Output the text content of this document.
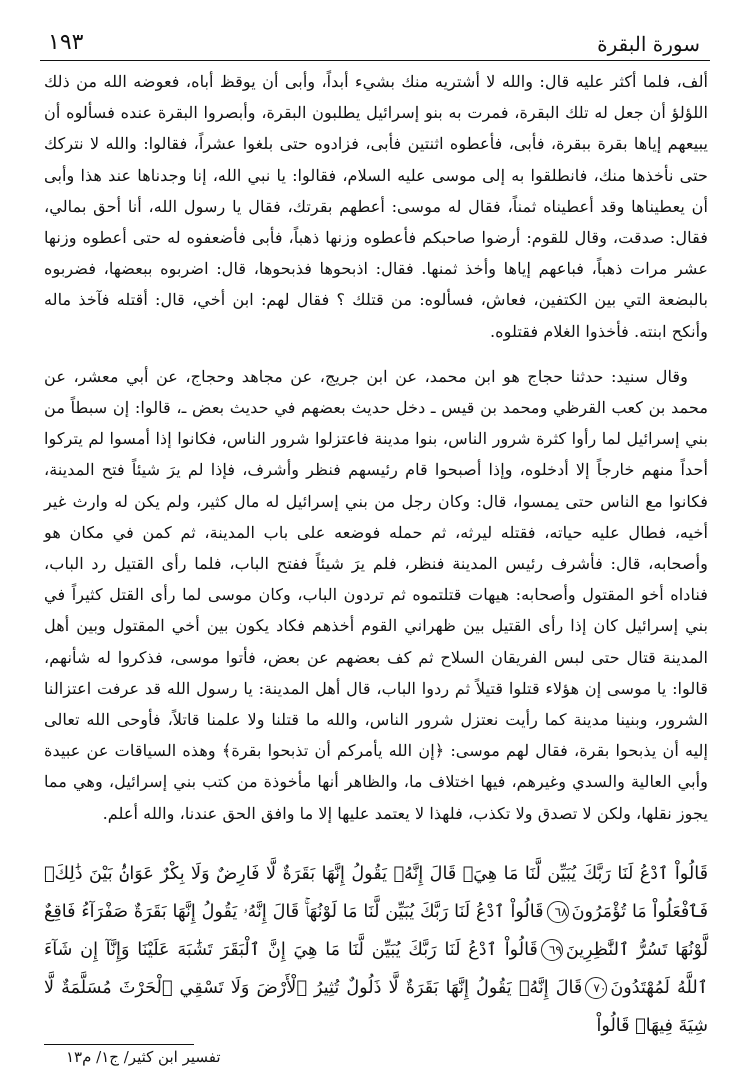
سورة البقرة
١٩٣

ألف، فلما أكثر عليه قال: والله لا أشتريه منك بشيء أبداً، وأبى أن يوقظ أباه، فعوضه الله من ذلك اللؤلؤ أن جعل له تلك البقرة، فمرت به بنو إسرائيل يطلبون البقرة، وأبصروا البقرة عنده فسألوه أن يبيعهم إياها بقرة ببقرة، فأبى، فأعطوه اثنتين فأبى، فزادوه حتى بلغوا عشراً، فقالوا: والله لا نتركك حتى نأخذها منك، فانطلقوا به إلى موسى عليه السلام، فقالوا: يا نبي الله، إنا وجدناها عند هذا وأبى أن يعطيناها وقد أعطيناه ثمناً، فقال له موسى: أعطهم بقرتك، فقال يا رسول الله، أنا أحق بمالي، فقال: صدقت، وقال للقوم: أرضوا صاحبكم فأعطوه وزنها ذهباً، فأبى فأضعفوه له حتى أعطوه وزنها عشر مرات ذهباً، فباعهم إياها وأخذ ثمنها. فقال: اذبحوها فذبحوها، قال: اضربوه ببعضها، فضربوه بالبضعة التي بين الكتفين، فعاش، فسألوه: من قتلك ؟ فقال لهم: ابن أخي، قال: أقتله فآخذ ماله وأنكح ابنته. فأخذوا الغلام فقتلوه.

وقال سنيد: حدثنا حجاج هو ابن محمد، عن ابن جريج، عن مجاهد وحجاج، عن أبي معشر، عن محمد بن كعب القرظي ومحمد بن قيس ـ دخل حديث بعضهم في حديث بعض ـ، قالوا: إن سبطاً من بني إسرائيل لما رأوا كثرة شرور الناس، بنوا مدينة فاعتزلوا شرور الناس، فكانوا إذا أمسوا لم يتركوا أحداً منهم خارجاً إلا أدخلوه، وإذا أصبحوا قام رئيسهم فنظر وأشرف، فإذا لم يرَ شيئاً فتح المدينة، فكانوا مع الناس حتى يمسوا، قال: وكان رجل من بني إسرائيل له مال كثير، ولم يكن له وارث غير أخيه، فطال عليه حياته، فقتله ليرثه، ثم حمله فوضعه على باب المدينة، ثم كمن في مكان هو وأصحابه، قال: فأشرف رئيس المدينة فنظر، فلم يرَ شيئاً ففتح الباب، فلما رأى القتيل رد الباب، فناداه أخو المقتول وأصحابه: هيهات قتلتموه ثم تردون الباب، وكان موسى لما رأى القتل كثيراً في بني إسرائيل كان إذا رأى القتيل بين ظهراني القوم أخذهم فكاد يكون بين أخي المقتول وبين أهل المدينة قتال حتى لبس الفريقان السلاح ثم كف بعضهم عن بعض، فأتوا موسى، فذكروا له شأنهم، قالوا: يا موسى إن هؤلاء قتلوا قتيلاً ثم ردوا الباب، قال أهل المدينة: يا رسول الله قد عرفت اعتزالنا الشرور، وبنينا مدينة كما رأيت نعتزل شرور الناس، والله ما قتلنا ولا علمنا قاتلاً، فأوحى الله تعالى إليه أن يذبحوا بقرة، فقال لهم موسى: ﴿إن الله يأمركم أن تذبحوا بقرة﴾ وهذه السياقات عن عبيدة وأبي العالية والسدي وغيرهم، فيها اختلاف ما، والظاهر أنها مأخوذة من كتب بني إسرائيل، وهي مما يجوز نقلها، ولكن لا تصدق ولا تكذب، فلهذا لا يعتمد عليها إلا ما وافق الحق عندنا، والله أعلم.

قَالُواْ ٱدْعُ لَنَا رَبَّكَ يُبَيِّن لَّنَا مَا هِيَۚ قَالَ إِنَّهُۥ يَقُولُ إِنَّهَا بَقَرَةٌ لَّا فَارِضٌ وَلَا بِكْرٌ عَوَانُۢ بَيْنَ ذَٰلِكَۖ فَٱفْعَلُواْ مَا تُؤْمَرُونَ٦٨قَالُواْ ٱدْعُ لَنَا رَبَّكَ يُبَيِّن لَّنَا مَا لَوْنُهَاۚ قَالَ إِنَّهُۥ يَقُولُ إِنَّهَا بَقَرَةٌ صَفْرَآءُ فَاقِعٌ لَّوْنُهَا تَسُرُّ ٱلنَّٰظِرِينَ٦٩قَالُواْ ٱدْعُ لَنَا رَبَّكَ يُبَيِّن لَّنَا مَا هِيَ إِنَّ ٱلْبَقَرَ تَشَٰبَهَ عَلَيْنَا وَإِنَّآ إِن شَآءَ ٱللَّهُ لَمُهْتَدُونَ٧٠قَالَ إِنَّهُۥ يَقُولُ إِنَّهَا بَقَرَةٌ لَّا ذَلُولٌ تُثِيرُ ٱلْأَرْضَ وَلَا تَسْقِي ٱلْحَرْثَ مُسَلَّمَةٌ لَّا شِيَةَ فِيهَاۚ قَالُواْ
تفسير ابن كثير/ ج١/ م١٣
